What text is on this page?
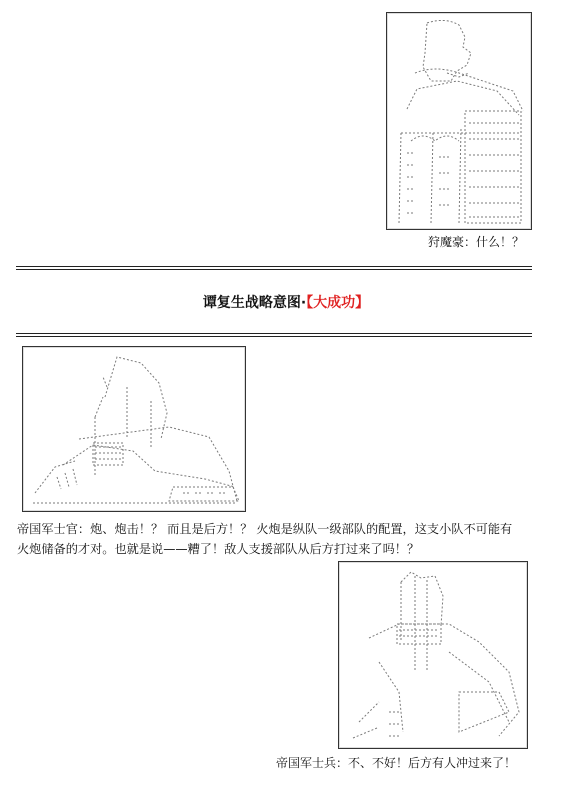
狩魔豪：什么！？
谭复生战略意图·【大成功】
帝国军士官：炮、炮击！？ 而且是后方！？ 火炮是纵队一级部队的配置，这支小队不可能有
火炮储备的才对。也就是说——糟了！敌人支援部队从后方打过来了吗！？
帝国军士兵：不、不好！后方有人冲过来了！
